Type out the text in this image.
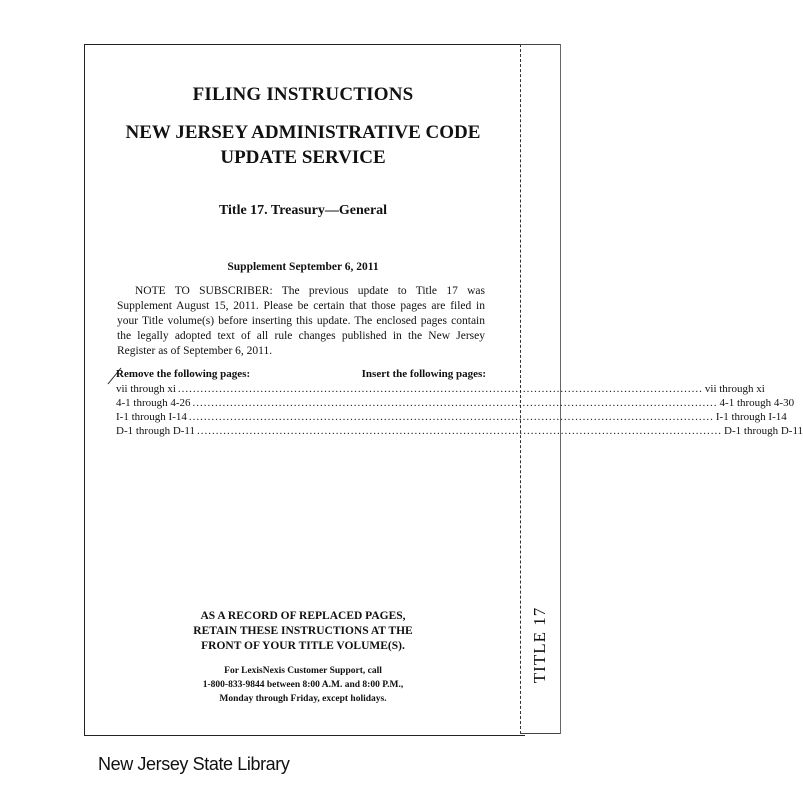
FILING INSTRUCTIONS
NEW JERSEY ADMINISTRATIVE CODE
UPDATE SERVICE
Title 17. Treasury—General
Supplement September 6, 2011
NOTE TO SUBSCRIBER: The previous update to Title 17 was Supplement August 15, 2011. Please be certain that those pages are filed in your Title volume(s) before inserting this update. The enclosed pages contain the legally adopted text of all rule changes published in the New Jersey Register as of September 6, 2011.
Remove the following pages:	Insert the following pages:
vii through xi ............................................................................................................................................ vii through xi
4-1 through 4-26 ............................................................................................................................................ 4-1 through 4-30
I-1 through I-14 ............................................................................................................................................ I-1 through I-14
D-1 through D-11 ............................................................................................................................................ D-1 through D-11
AS A RECORD OF REPLACED PAGES,
RETAIN THESE INSTRUCTIONS AT THE
FRONT OF YOUR TITLE VOLUME(S).
For LexisNexis Customer Support, call
1-800-833-9844 between 8:00 A.M. and 8:00 P.M.,
Monday through Friday, except holidays.
TITLE 17
New Jersey State Library
